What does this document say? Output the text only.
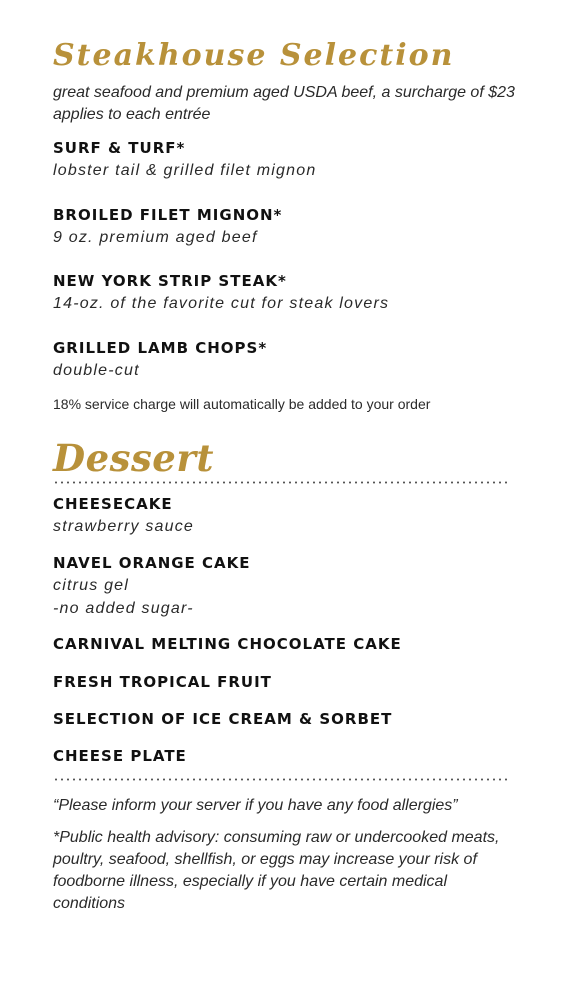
Steakhouse Selection

great seafood and premium aged USDA beef, a surcharge of $23 applies to each entrée

SURF & TURF*
lobster tail & grilled filet mignon
BROILED FILET MIGNON*
9 oz. premium aged beef
NEW YORK STRIP STEAK*
14-oz. of the favorite cut for steak lovers
GRILLED LAMB CHOPS*
double-cut

18% service charge will automatically be added to your order

Dessert
CHEESECAKE
strawberry sauce
NAVEL ORANGE CAKE
citrus gel
-no added sugar-
CARNIVAL MELTING CHOCOLATE CAKE
FRESH TROPICAL FRUIT
SELECTION OF ICE CREAM & SORBET
CHEESE PLATE

“Please inform your server if you have any food allergies”

*Public health advisory: consuming raw or undercooked meats, poultry, seafood, shellfish, or eggs may increase your risk of foodborne illness, especially if you have certain medical conditions
